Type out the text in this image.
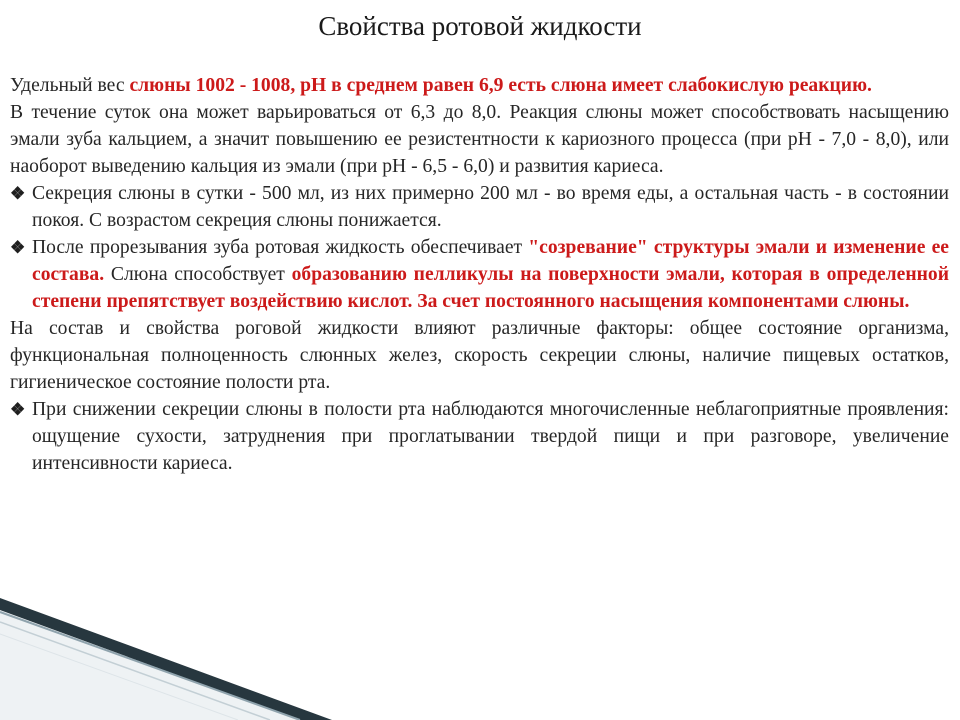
Свойства ротовой жидкости

Удельный вес слюны 1002 - 1008, рН в среднем равен 6,9 есть слюна имеет слабокислую реакцию.

В течение суток она может варьироваться от 6,3 до 8,0. Реакция слюны может способствовать насыщению эмали зуба кальцием, а значит повышению ее резистентности к кариозного процесса (при рН - 7,0 - 8,0), или наоборот выведению кальция из эмали (при рН - 6,5 - 6,0) и развития кариеса.

❖ Секреция слюны в сутки - 500 мл, из них примерно 200 мл - во время еды, а остальная часть - в состоянии покоя. С возрастом секреция слюны понижается.

❖ После прорезывания зуба ротовая жидкость обеспечивает "созревание" структуры эмали и изменение ее состава. Слюна способствует образованию пелликулы на поверхности эмали, которая в определенной степени препятствует воздействию кислот. За счет постоянного насыщения компонентами слюны.

На состав и свойства роговой жидкости влияют различные факторы: общее состояние организма, функциональная полноценность слюнных желез, скорость секреции слюны, наличие пищевых остатков, гигиеническое состояние полости рта.

❖ При снижении секреции слюны в полости рта наблюдаются многочисленные неблагоприятные проявления: ощущение сухости, затруднения при проглатывании твердой пищи и при разговоре, увеличение интенсивности кариеса.
